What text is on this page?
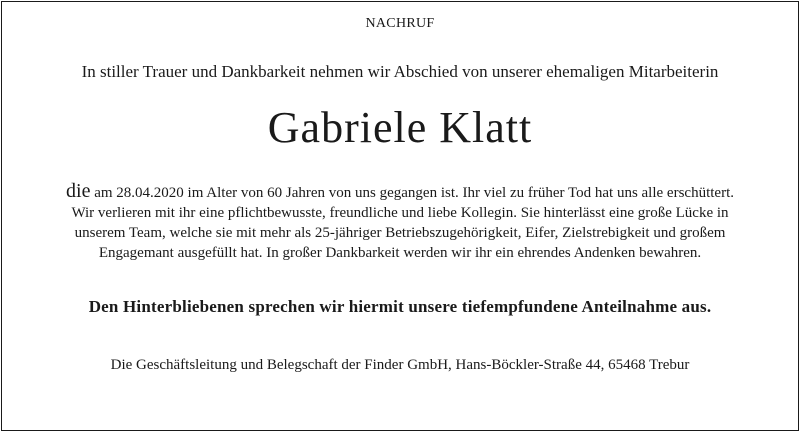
NACHRUF
In stiller Trauer und Dankbarkeit nehmen wir Abschied von unserer ehemaligen Mitarbeiterin
Gabriele Klatt
die am 28.04.2020 im Alter von 60 Jahren von uns gegangen ist. Ihr viel zu früher Tod hat uns alle erschüttert.
Wir verlieren mit ihr eine pflichtbewusste, freundliche und liebe Kollegin. Sie hinterlässt eine große Lücke in
unserem Team, welche sie mit mehr als 25-jähriger Betriebszugehörigkeit, Eifer, Zielstrebigkeit und großem
Engagemant ausgefüllt hat. In großer Dankbarkeit werden wir ihr ein ehrendes Andenken bewahren.
Den Hinterbliebenen sprechen wir hiermit unsere tiefempfundene Anteilnahme aus.
Die Geschäftsleitung und Belegschaft der Finder GmbH, Hans-Böckler-Straße 44, 65468 Trebur
